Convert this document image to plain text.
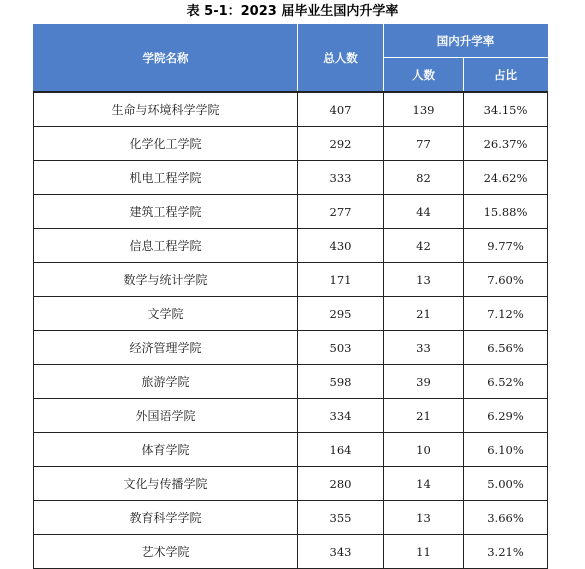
表 5-1：2023 届毕业生国内升学率
学院名称	总人数	国内升学率	
		人数	占比
生命与环境科学学院	407	139	34.15%
化学化工学院	292	77	26.37%
机电工程学院	333	82	24.62%
建筑工程学院	277	44	15.88%
信息工程学院	430	42	9.77%
数学与统计学院	171	13	7.60%
文学院	295	21	7.12%
经济管理学院	503	33	6.56%
旅游学院	598	39	6.52%
外国语学院	334	21	6.29%
体育学院	164	10	6.10%
文化与传播学院	280	14	5.00%
教育科学学院	355	13	3.66%
艺术学院	343	11	3.21%
